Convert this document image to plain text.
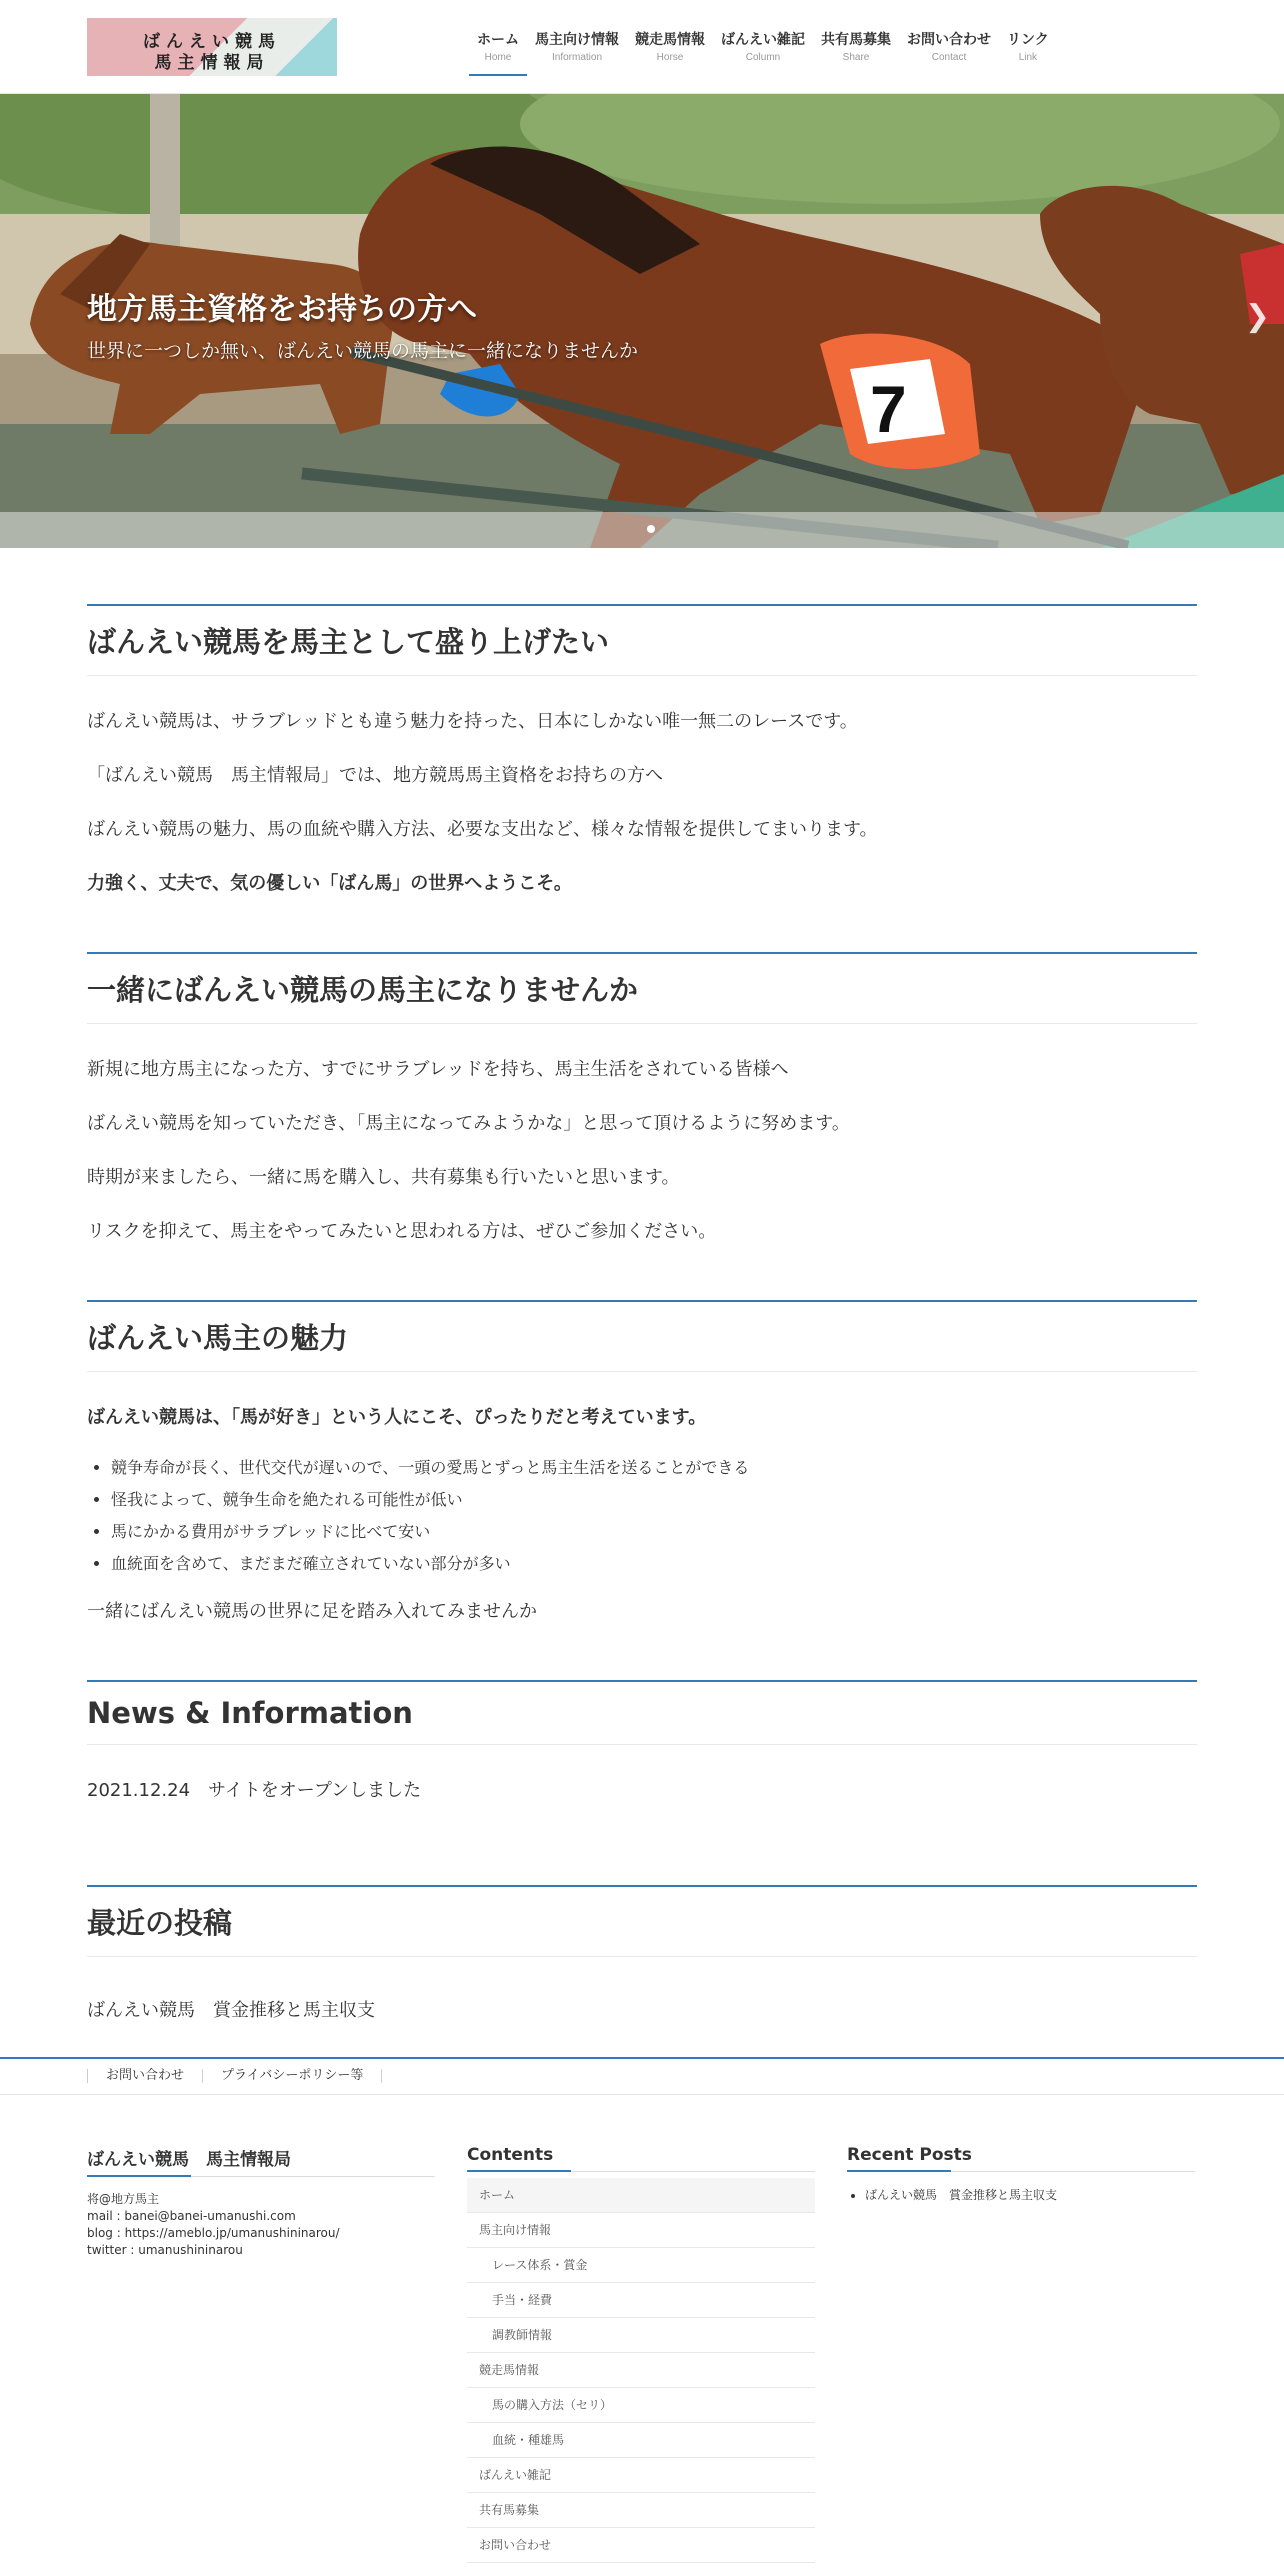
ばんえい競馬
馬主情報局
ホーム
Home
馬主向け情報
Information
競走馬情報
Horse
ばんえい雑記
Column
共有馬募集
Share
お問い合わせ
Contact
リンク
Link
7
地方馬主資格をお持ちの方へ
世界に一つしか無い、ばんえい競馬の馬主に一緒になりませんか
❯
ばんえい競馬を馬主として盛り上げたい

ばんえい競馬は、サラブレッドとも違う魅力を持った、日本にしかない唯一無二のレースです。

「ばんえい競馬　馬主情報局」では、地方競馬馬主資格をお持ちの方へ

ばんえい競馬の魅力、馬の血統や購入方法、必要な支出など、様々な情報を提供してまいります。

力強く、丈夫で、気の優しい「ばん馬」の世界へようこそ。

一緒にばんえい競馬の馬主になりませんか

新規に地方馬主になった方、すでにサラブレッドを持ち、馬主生活をされている皆様へ

ばんえい競馬を知っていただき、「馬主になってみようかな」と思って頂けるように努めます。

時期が来ましたら、一緒に馬を購入し、共有募集も行いたいと思います。

リスクを抑えて、馬主をやってみたいと思われる方は、ぜひご参加ください。

ばんえい馬主の魅力

ばんえい競馬は、「馬が好き」という人にこそ、ぴったりだと考えています。

• 競争寿命が長く、世代交代が遅いので、一頭の愛馬とずっと馬主生活を送ることができる
• 怪我によって、競争生命を絶たれる可能性が低い
• 馬にかかる費用がサラブレッドに比べて安い
• 血統面を含めて、まだまだ確立されていない部分が多い

一緒にばんえい競馬の世界に足を踏み入れてみませんか

News & Information

2021.12.24　サイトをオープンしました

最近の投稿

ばんえい競馬　賞金推移と馬主収支

お問い合わせ	プライバシーポリシー等
ばんえい競馬　馬主情報局
将@地方馬主
mail : banei@banei-umanushi.com
blog : https://ameblo.jp/umanushininarou/
twitter : umanushininarou
Contents
ホーム
馬主向け情報
レース体系・賞金
手当・経費
調教師情報
競走馬情報
馬の購入方法（セリ）
血統・種雄馬
ばんえい雑記
共有馬募集
お問い合わせ
Recent Posts
• ばんえい競馬　賞金推移と馬主収支
